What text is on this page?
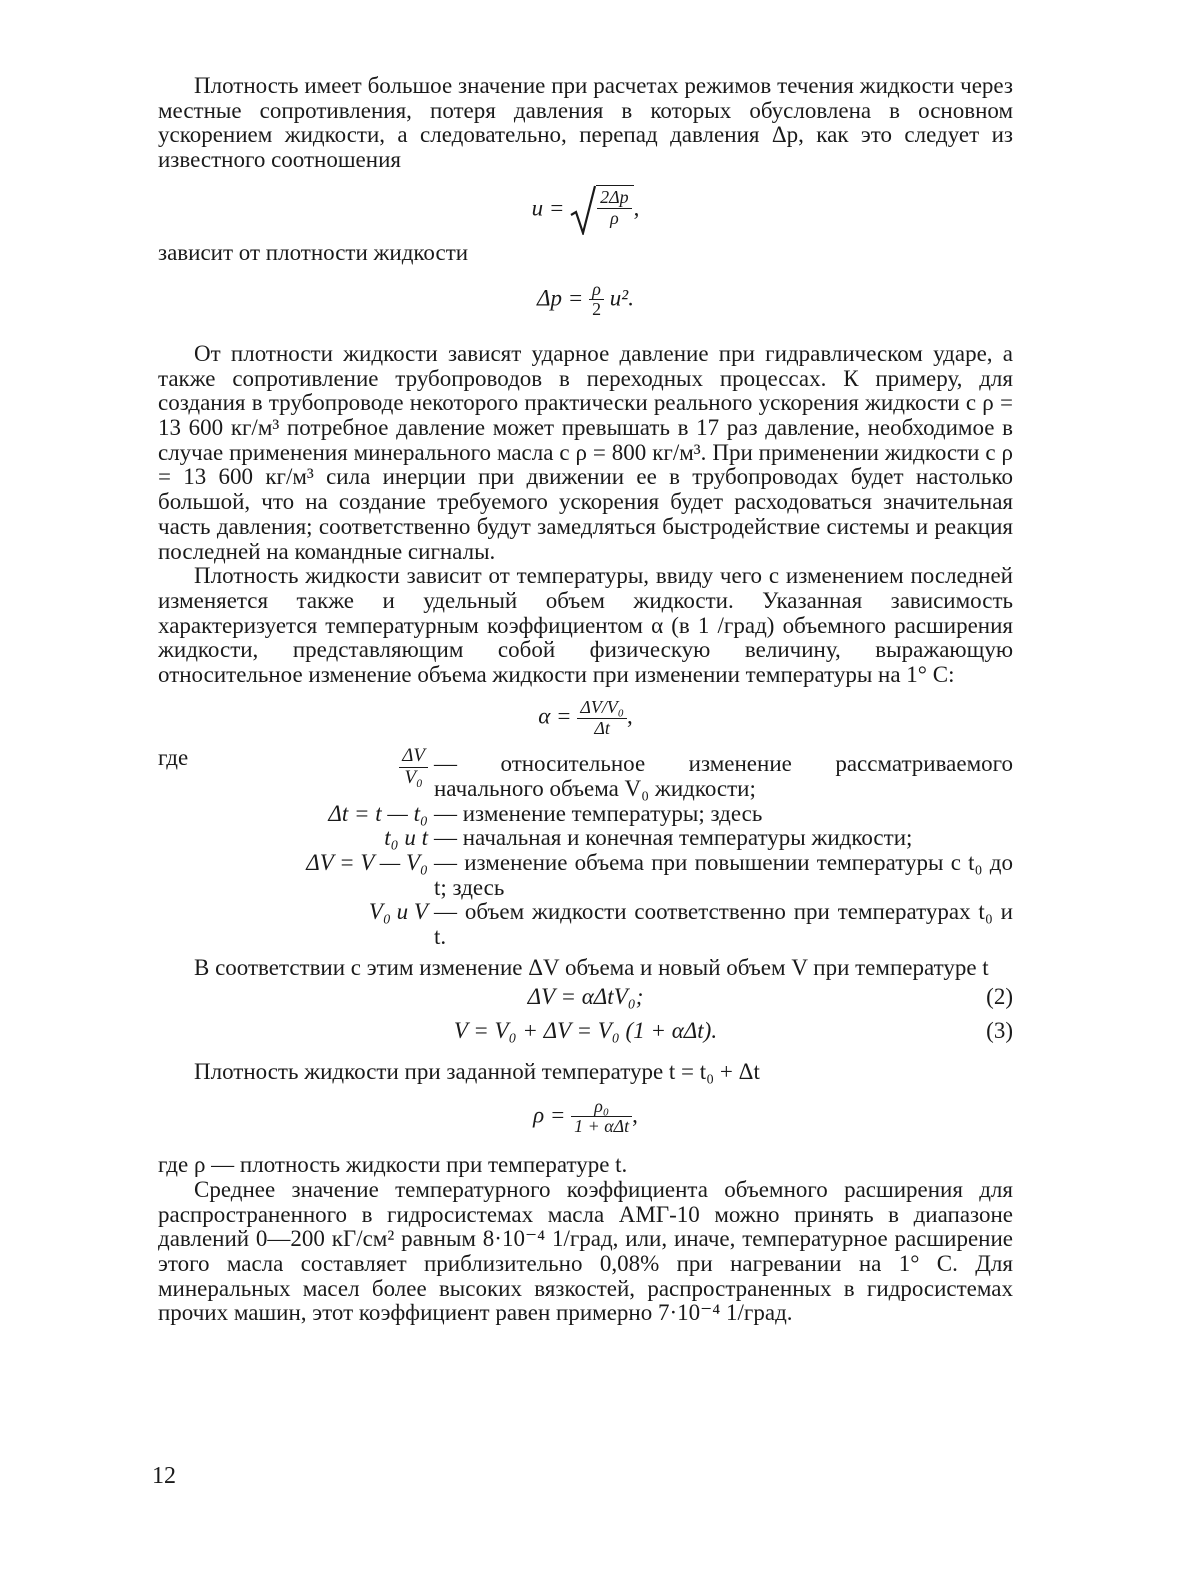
Плотность имеет большое значение при расчетах режимов течения жидкости через местные сопротивления, потеря давления в которых обусловлена в основном ускорением жидкости, а следовательно, перепад давления Δp, как это следует из известного соотношения

$u = \frac{2\Delta p}{\rho}$ ,

зависит от плотности жидкости

$\Delta p = \frac{\rho}{2} u^2$.

От плотности жидкости зависят ударное давление при гидравлическом ударе, а также сопротивление трубопроводов в переходных процессах. К примеру, для создания в трубопроводе некоторого практически реального ускорения жидкости с ρ = 13 600 кг/м³ потребное давление может превышать в 17 раз давление, необходимое в случае применения минерального масла с ρ = 800 кг/м³. При применении жидкости с ρ = 13 600 кг/м³ сила инерции при движении ее в трубопроводах будет настолько большой, что на создание требуемого ускорения будет расходоваться значительная часть давления; соответственно будут замедляться быстродействие системы и реакция последней на командные сигналы.

Плотность жидкости зависит от температуры, ввиду чего с изменением последней изменяется также и удельный объем жидкости. Указанная зависимость характеризуется температурным коэффициентом α (в 1 /град) объемного расширения жидкости, представляющим собой физическую величину, выражающую относительное изменение объема жидкости при изменении температуры на 1° С:

$\alpha = \frac{\text{ΔV/V₀}}{\Delta t}$ ,
где	$\frac{\Delta V}{\text{V₀}}$ — относительное изменение рассматриваемого начального объема V₀ жидкости;
Δt = t — t₀ — изменение температуры; здесь
t₀ и t — начальная и конечная температуры жидкости;
ΔV = V — V₀ — изменение объема при повышении температуры с t₀ до t; здесь
V₀ и V — объем жидкости соответственно при температурах t₀ и t.

В соответствии с этим изменение ΔV объема и новый объем V при температуре t

ΔV = αΔtV₀;	(2)
V = V₀ + ΔV = V₀ (1 + αΔt).	(3)

Плотность жидкости при заданной температуре t = t₀ + Δt

$\rho = \frac{\text{ρ₀}}{\text{1 + αΔt}}$ ,

где ρ — плотность жидкости при температуре t.

Среднее значение температурного коэффициента объемного расширения для распространенного в гидросистемах масла АМГ-10 можно принять в диапазоне давлений 0—200 кГ/см² равным 8·10⁻⁴ 1/град, или, иначе, температурное расширение этого масла составляет приблизительно 0,08% при нагревании на 1° С. Для минеральных масел более высоких вязкостей, распространенных в гидросистемах прочих машин, этот коэффициент равен примерно 7·10⁻⁴ 1/град.

12
